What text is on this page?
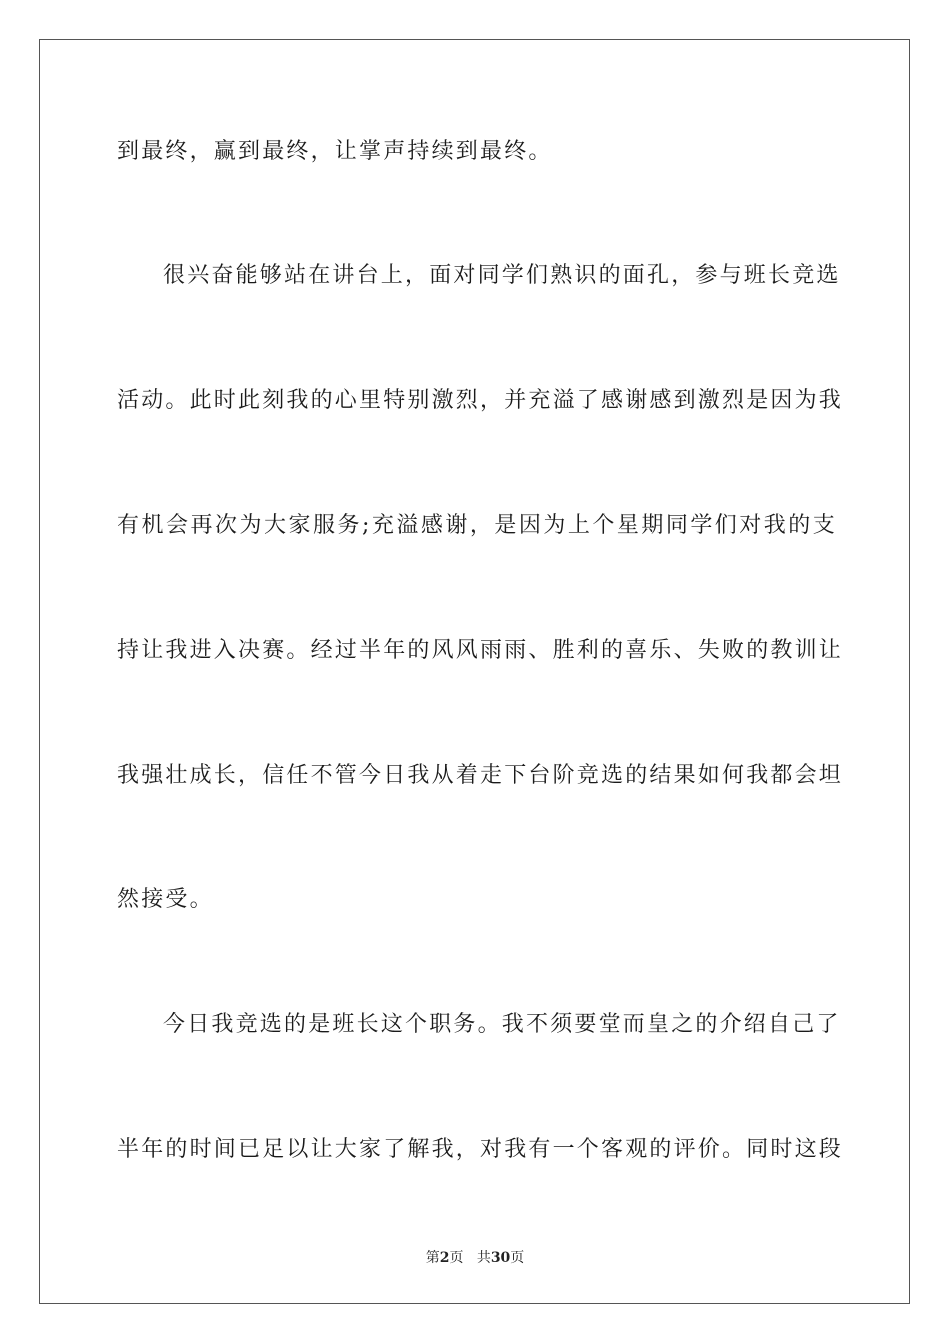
到最终，赢到最终，让掌声持续到最终。
很兴奋能够站在讲台上，面对同学们熟识的面孔，参与班长竞选
活动。此时此刻我的心里特别激烈，并充溢了感谢感到激烈是因为我
有机会再次为大家服务;充溢感谢，是因为上个星期同学们对我的支
持让我进入决赛。经过半年的风风雨雨、胜利的喜乐、失败的教训让
我强壮成长，信任不管今日我从着走下台阶竞选的结果如何我都会坦
然接受。
今日我竞选的是班长这个职务。我不须要堂而皇之的介绍自己了
半年的时间已足以让大家了解我，对我有一个客观的评价。同时这段
第2页 共30页
